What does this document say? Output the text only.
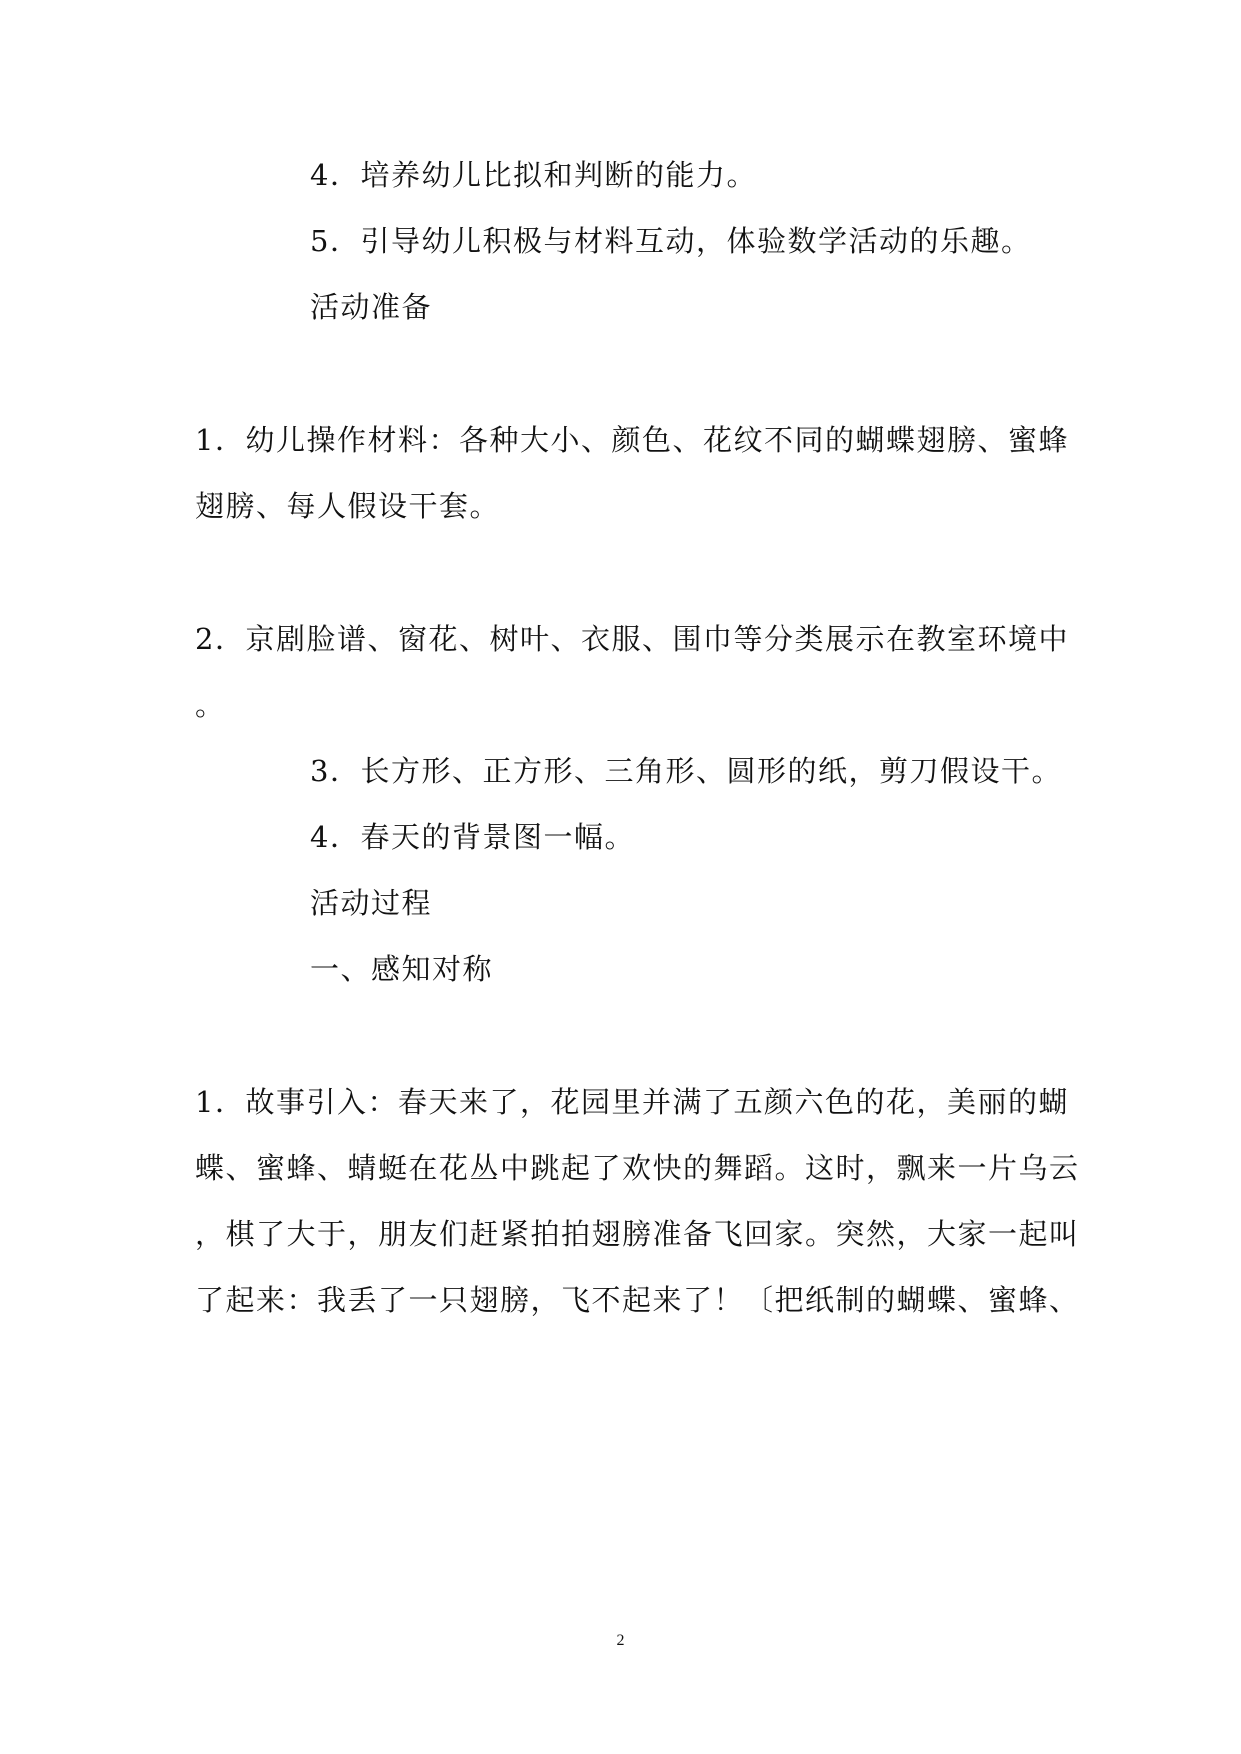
4．培养幼儿比拟和判断的能力。
5．引导幼儿积极与材料互动，体验数学活动的乐趣。
活动准备
1．幼儿操作材料：各种大小、颜色、花纹不同的蝴蝶翅膀、蜜蜂
翅膀、每人假设干套。
2．京剧脸谱、窗花、树叶、衣服、围巾等分类展示在教室环境中
。
3．长方形、正方形、三角形、圆形的纸，剪刀假设干。
4．春天的背景图一幅。
活动过程
一、感知对称
1．故事引入：春天来了，花园里并满了五颜六色的花，美丽的蝴
蝶、蜜蜂、蜻蜓在花丛中跳起了欢快的舞蹈。这时，飘来一片乌云
，棋了大于，朋友们赶紧拍拍翅膀准备飞回家。突然，大家一起叫
了起来：我丢了一只翅膀，飞不起来了！〔把纸制的蝴蝶、蜜蜂、
2
